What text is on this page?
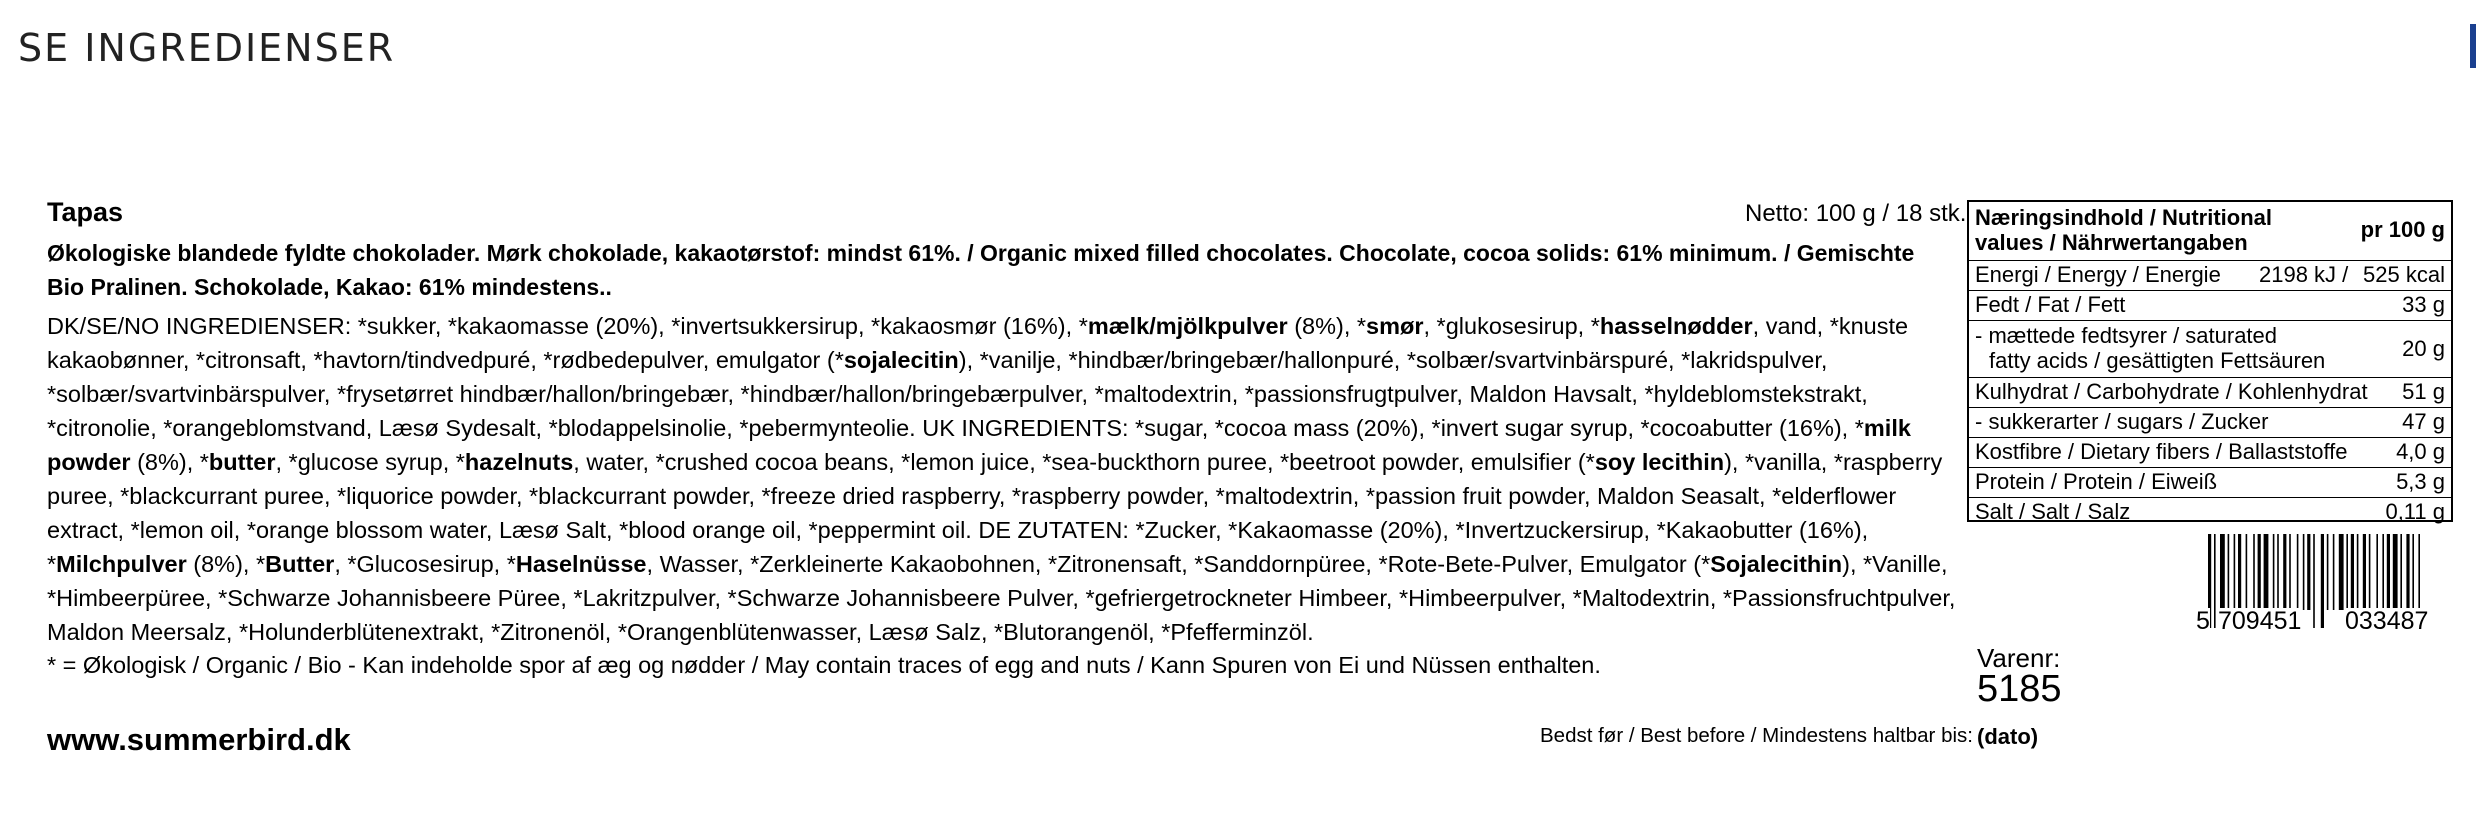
SE INGREDIENSER
Tapas	Netto: 100 g / 18 stk.
Økologiske blandede fyldte chokolader. Mørk chokolade, kakaotørstof: mindst 61%. / Organic mixed filled chocolates. Chocolate, cocoa solids: 61% minimum. / Gemischte Bio Pralinen. Schokolade, Kakao: 61% mindestens..
DK/SE/NO INGREDIENSER: *sukker, *kakaomasse (20%), *invertsukkersirup, *kakaosmør (16%), *mælk/mjölkpulver (8%), *smør, *glukosesirup, *hasselnødder, vand, *knuste kakaobønner, *citronsaft, *havtorn/tindvedpuré, *rødbedepulver, emulgator (*sojalecitin), *vanilje, *hindbær/bringebær/hallonpuré, *solbær/svartvinbärspuré, *lakridspulver, *solbær/svartvinbärspulver, *frysetørret hindbær/hallon/bringebær, *hindbær/hallon/bringebærpulver, *maltodextrin, *passionsfrugtpulver, Maldon Havsalt, *hyldeblomstekstrakt, *citronolie, *orangeblomstvand, Læsø Sydesalt, *blodappelsinolie, *pebermynteolie. UK INGREDIENTS: *sugar, *cocoa mass (20%), *invert sugar syrup, *cocoabutter (16%), *milk powder (8%), *butter, *glucose syrup, *hazelnuts, water, *crushed cocoa beans, *lemon juice, *sea-buckthorn puree, *beetroot powder, emulsifier (*soy lecithin), *vanilla, *raspberry puree, *blackcurrant puree, *liquorice powder, *blackcurrant powder, *freeze dried raspberry, *raspberry powder, *maltodextrin, *passion fruit powder, Maldon Seasalt, *elderflower extract, *lemon oil, *orange blossom water, Læsø Salt, *blood orange oil, *peppermint oil. DE ZUTATEN: *Zucker, *Kakaomasse (20%), *Invertzuckersirup, *Kakaobutter (16%), *Milchpulver (8%), *Butter, *Glucosesirup, *Haselnüsse, Wasser, *Zerkleinerte Kakaobohnen, *Zitronensaft, *Sanddornpüree, *Rote-Bete-Pulver, Emulgator (*Sojalecithin), *Vanille, *Himbeerpüree, *Schwarze Johannisbeere Püree, *Lakritzpulver, *Schwarze Johannisbeere Pulver, *gefriergetrockneter Himbeer, *Himbeerpulver, *Maltodextrin, *Passionsfruchtpulver, Maldon Meersalz, *Holunderblütenextrakt, *Zitronenöl, *Orangenblütenwasser, Læsø Salz, *Blutorangenöl, *Pfefferminzöl.
* = Økologisk / Organic / Bio - Kan indeholde spor af æg og nødder / May contain traces of egg and nuts / Kann Spuren von Ei und Nüssen enthalten.
www.summerbird.dk	Bedst før / Best before / Mindestens haltbar bis: (dato)
Næringsindhold / Nutritional values / Nährwertangaben
pr 100 g
Energi / Energy / Energie 2198 kJ / 525 kcal
Fedt / Fat / Fett	33 g
- mættede fedtsyrer / saturated
fatty acids / gesättigten Fettsäuren	20 g
Kulhydrat / Carbohydrate / Kohlenhydrat 51 g
- sukkerarter / sugars / Zucker	47 g
Kostfibre / Dietary fibers / Ballaststoffe 4,0 g
Protein / Protein / Eiweiß	5,3 g
Salt / Salt / Salz	0,11 g
5 709451 033487
Varenr:
5185
